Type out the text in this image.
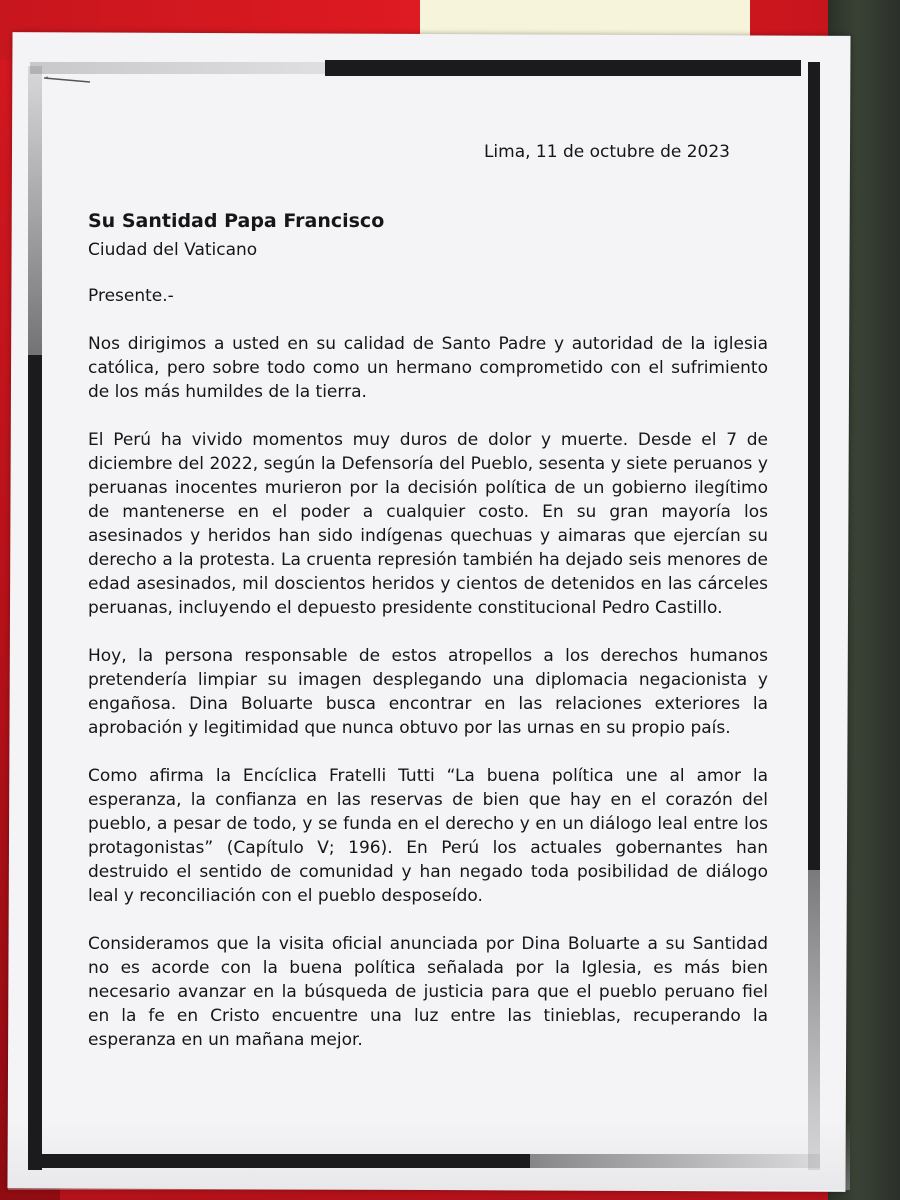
Lima, 11 de octubre de 2023
Su Santidad Papa Francisco
Ciudad del Vaticano
Presente.-

Nos dirigimos a usted en su calidad de Santo Padre y autoridad de la iglesia católica, pero sobre todo como un hermano comprometido con el sufrimiento de los más humildes de la tierra.

El Perú ha vivido momentos muy duros de dolor y muerte. Desde el 7 de diciembre del 2022, según la Defensoría del Pueblo, sesenta y siete peruanos y peruanas inocentes murieron por la decisión política de un gobierno ilegítimo de mantenerse en el poder a cualquier costo. En su gran mayoría los asesinados y heridos han sido indígenas quechuas y aimaras que ejercían su derecho a la protesta. La cruenta represión también ha dejado seis menores de edad asesinados, mil doscientos heridos y cientos de detenidos en las cárceles peruanas, incluyendo el depuesto presidente constitucional Pedro Castillo.

Hoy, la persona responsable de estos atropellos a los derechos humanos pretendería limpiar su imagen desplegando una diplomacia negacionista y engañosa. Dina Boluarte busca encontrar en las relaciones exteriores la aprobación y legitimidad que nunca obtuvo por las urnas en su propio país.

Como afirma la Encíclica Fratelli Tutti “La buena política une al amor la esperanza, la confianza en las reservas de bien que hay en el corazón del pueblo, a pesar de todo, y se funda en el derecho y en un diálogo leal entre los protagonistas” (Capítulo V; 196). En Perú los actuales gobernantes han destruido el sentido de comunidad y han negado toda posibilidad de diálogo leal y reconciliación con el pueblo desposeído.

Consideramos que la visita oficial anunciada por Dina Boluarte a su Santidad no es acorde con la buena política señalada por la Iglesia, es más bien necesario avanzar en la búsqueda de justicia para que el pueblo peruano fiel en la fe en Cristo encuentre una luz entre las tinieblas, recuperando la esperanza en un mañana mejor.
